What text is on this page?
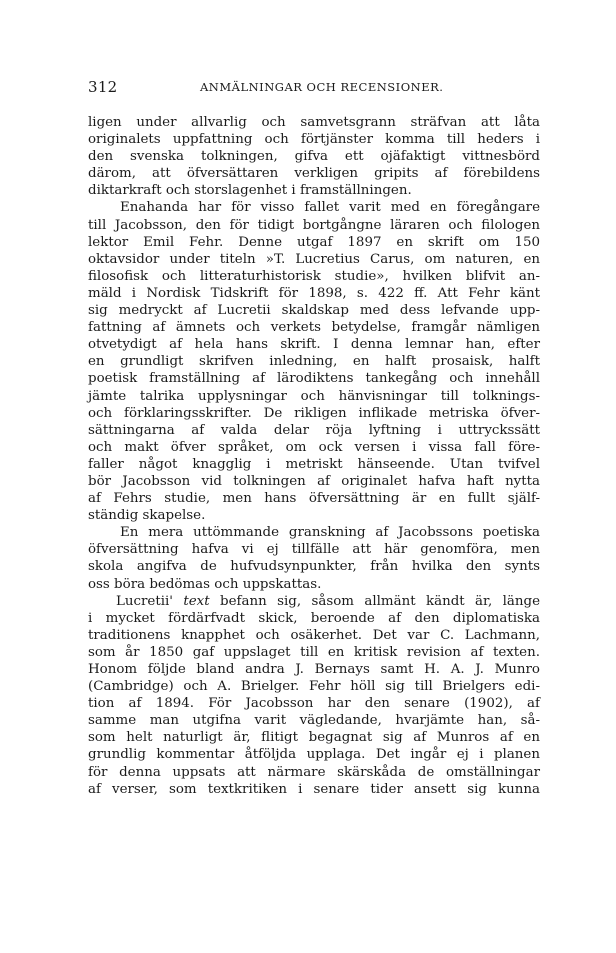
312	ANMÄLNINGAR OCH RECENSIONER.
ligen under allvarlig och samvetsgrann sträfvan att låta
originalets uppfattning och förtjänster komma till heders i
den svenska tolkningen, gifva ett ojäfaktigt vittnesbörd
därom, att öfversättaren verkligen gripits af förebildens
diktarkraft och storslagenhet i framställningen.
Enahanda har för visso fallet varit med en föregångare
till Jacobsson, den för tidigt bortgångne läraren och filologen
lektor Emil Fehr. Denne utgaf 1897 en skrift om 150
oktavsidor under titeln »T. Lucretius Carus, om naturen, en
filosofisk och litteraturhistorisk studie», hvilken blifvit an-
mäld i Nordisk Tidskrift för 1898, s. 422 ff. Att Fehr känt
sig medryckt af Lucretii skaldskap med dess lefvande upp-
fattning af ämnets och verkets betydelse, framgår nämligen
otvetydigt af hela hans skrift. I denna lemnar han, efter
en grundligt skrifven inledning, en halft prosaisk, halft
poetisk framställning af lärodiktens tankegång och innehåll
jämte talrika upplysningar och hänvisningar till tolknings-
och förklaringsskrifter. De rikligen inflikade metriska öfver-
sättningarna af valda delar röja lyftning i uttryckssätt
och makt öfver språket, om ock versen i vissa fall före-
faller något knagglig i metriskt hänseende. Utan tvifvel
bör Jacobsson vid tolkningen af originalet hafva haft nytta
af Fehrs studie, men hans öfversättning är en fullt själf-
ständig skapelse.
En mera uttömmande granskning af Jacobssons poetiska
öfversättning hafva vi ej tillfälle att här genomföra, men
skola angifva de hufvudsynpunkter, från hvilka den synts
oss böra bedömas och uppskattas.
Lucretii' text befann sig, såsom allmänt kändt är, länge
i mycket fördärfvadt skick, beroende af den diplomatiska
traditionens knapphet och osäkerhet. Det var C. Lachmann,
som år 1850 gaf uppslaget till en kritisk revision af texten.
Honom följde bland andra J. Bernays samt H. A. J. Munro
(Cambridge) och A. Brielger. Fehr höll sig till Brielgers edi-
tion af 1894. För Jacobsson har den senare (1902), af
samme man utgifna varit vägledande, hvarjämte han, så-
som helt naturligt är, flitigt begagnat sig af Munros af en
grundlig kommentar åtföljda upplaga. Det ingår ej i planen
för denna uppsats att närmare skärskåda de omställningar
af verser, som textkritiken i senare tider ansett sig kunna
